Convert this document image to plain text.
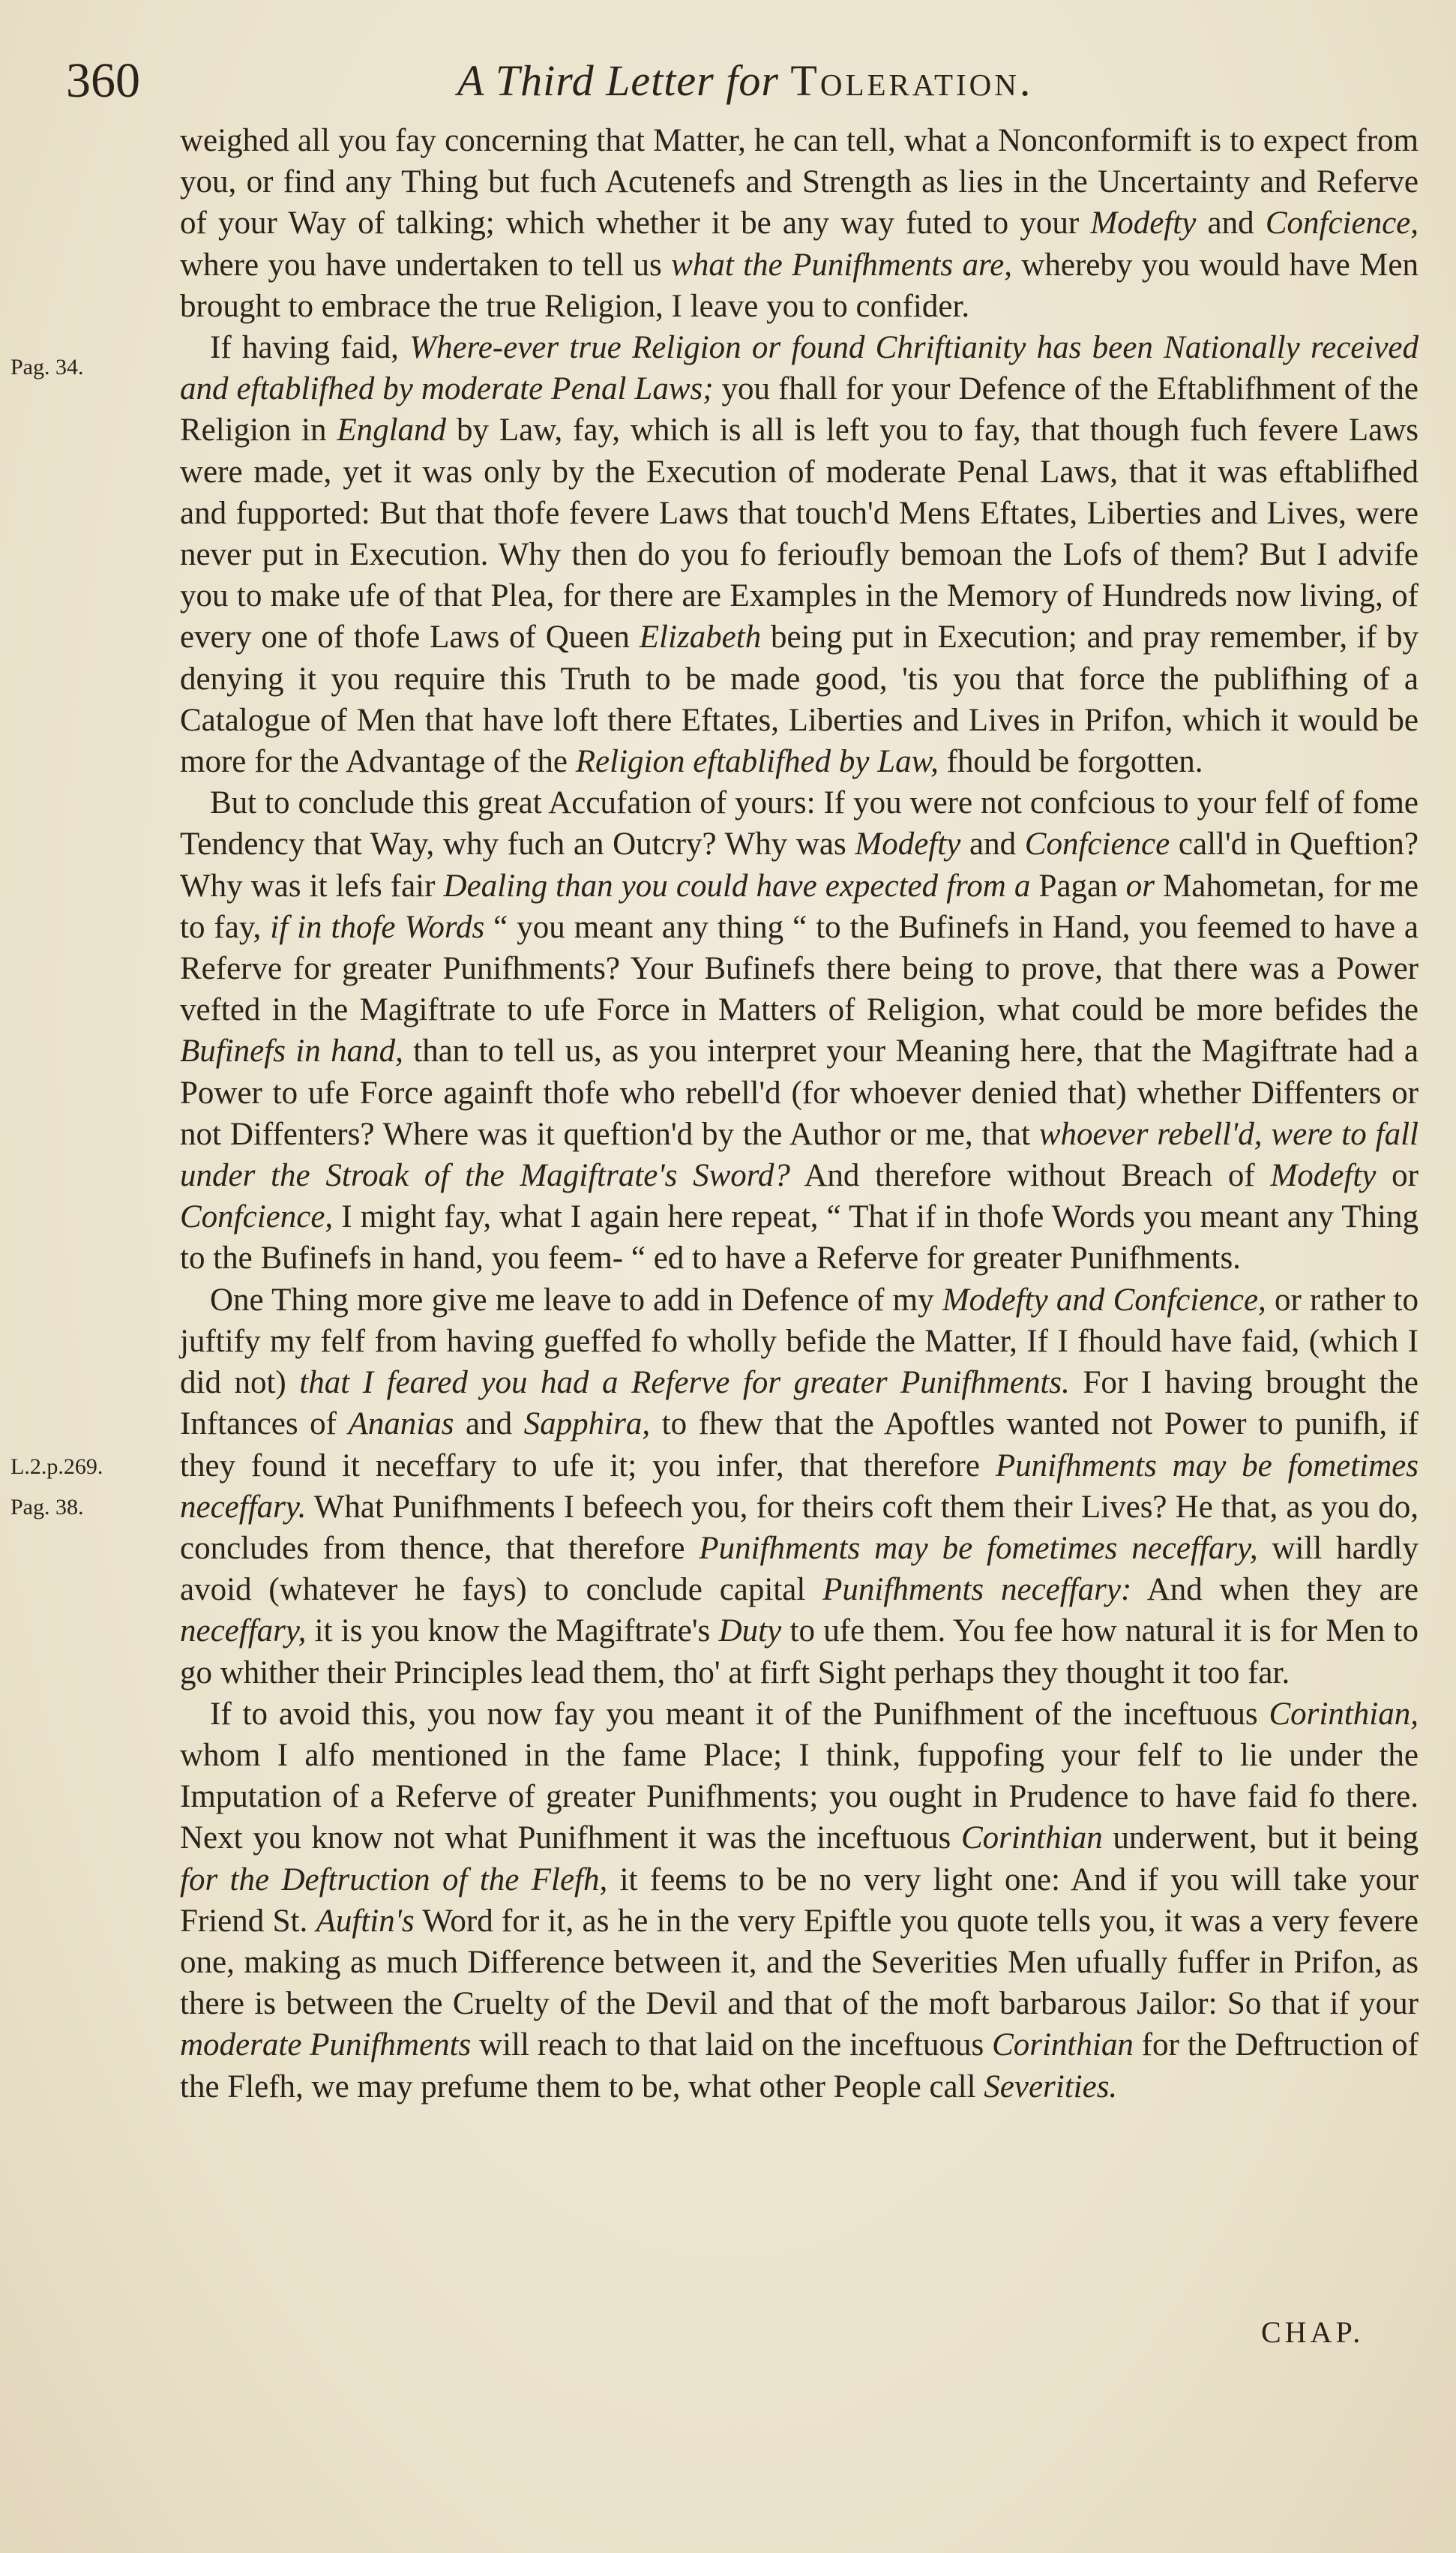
360	A Third Letter for Toleration.
Pag. 34.
L.2.p.269.
Pag. 38.

weighed all you fay concerning that Matter, he can tell, what a Nonconformift is to expect from you, or find any Thing but fuch Acutenefs and Strength as lies in the Uncertainty and Referve of your Way of talking; which whether it be any way futed to your Modefty and Confcience, where you have undertaken to tell us what the Punifhments are, whereby you would have Men brought to embrace the true Religion, I leave you to confider.

If having faid, Where-ever true Religion or found Chriftianity has been Nationally received and eftablifhed by moderate Penal Laws; you fhall for your Defence of the Eftablifhment of the Religion in England by Law, fay, which is all is left you to fay, that though fuch fevere Laws were made, yet it was only by the Execution of moderate Penal Laws, that it was eftablifhed and fupported: But that thofe fevere Laws that touch'd Mens Eftates, Liberties and Lives, were never put in Execution. Why then do you fo ferioufly bemoan the Lofs of them? But I advife you to make ufe of that Plea, for there are Examples in the Memory of Hundreds now living, of every one of thofe Laws of Queen Elizabeth being put in Execution; and pray remember, if by denying it you require this Truth to be made good, 'tis you that force the publifhing of a Catalogue of Men that have loft there Eftates, Liberties and Lives in Prifon, which it would be more for the Advantage of the Religion eftablifhed by Law, fhould be forgotten.

But to conclude this great Accufation of yours: If you were not confcious to your felf of fome Tendency that Way, why fuch an Outcry? Why was Modefty and Confcience call'd in Queftion? Why was it lefs fair Dealing than you could have expected from a Pagan or Mahometan, for me to fay, if in thofe Words “ you meant any thing “ to the Bufinefs in Hand, you feemed to have a Referve for greater Punifhments? Your Bufinefs there being to prove, that there was a Power vefted in the Magiftrate to ufe Force in Matters of Religion, what could be more befides the Bufinefs in hand, than to tell us, as you interpret your Meaning here, that the Magiftrate had a Power to ufe Force againft thofe who rebell'd (for whoever denied that) whether Diffenters or not Diffenters? Where was it queftion'd by the Author or me, that whoever rebell'd, were to fall under the Stroak of the Magiftrate's Sword? And therefore without Breach of Modefty or Confcience, I might fay, what I again here repeat, “ That if in thofe Words you meant any Thing to the Bufinefs in hand, you feem- “ ed to have a Referve for greater Punifhments.

One Thing more give me leave to add in Defence of my Modefty and Confcience, or rather to juftify my felf from having gueffed fo wholly befide the Matter, If I fhould have faid, (which I did not) that I feared you had a Referve for greater Punifhments. For I having brought the Inftances of Ananias and Sapphira, to fhew that the Apoftles wanted not Power to punifh, if they found it neceffary to ufe it; you infer, that therefore Punifhments may be fometimes neceffary. What Punifhments I befeech you, for theirs coft them their Lives? He that, as you do, concludes from thence, that therefore Punifhments may be fometimes neceffary, will hardly avoid (whatever he fays) to conclude capital Punifhments neceffary: And when they are neceffary, it is you know the Magiftrate's Duty to ufe them. You fee how natural it is for Men to go whither their Principles lead them, tho' at firft Sight perhaps they thought it too far.

If to avoid this, you now fay you meant it of the Punifhment of the inceftuous Corinthian, whom I alfo mentioned in the fame Place; I think, fuppofing your felf to lie under the Imputation of a Referve of greater Punifhments; you ought in Prudence to have faid fo there. Next you know not what Punifhment it was the inceftuous Corinthian underwent, but it being for the Deftruction of the Flefh, it feems to be no very light one: And if you will take your Friend St. Auftin's Word for it, as he in the very Epiftle you quote tells you, it was a very fevere one, making as much Difference between it, and the Severities Men ufually fuffer in Prifon, as there is between the Cruelty of the Devil and that of the moft barbarous Jailor: So that if your moderate Punifhments will reach to that laid on the inceftuous Corinthian for the Deftruction of the Flefh, we may prefume them to be, what other People call Severities.

CHAP.
